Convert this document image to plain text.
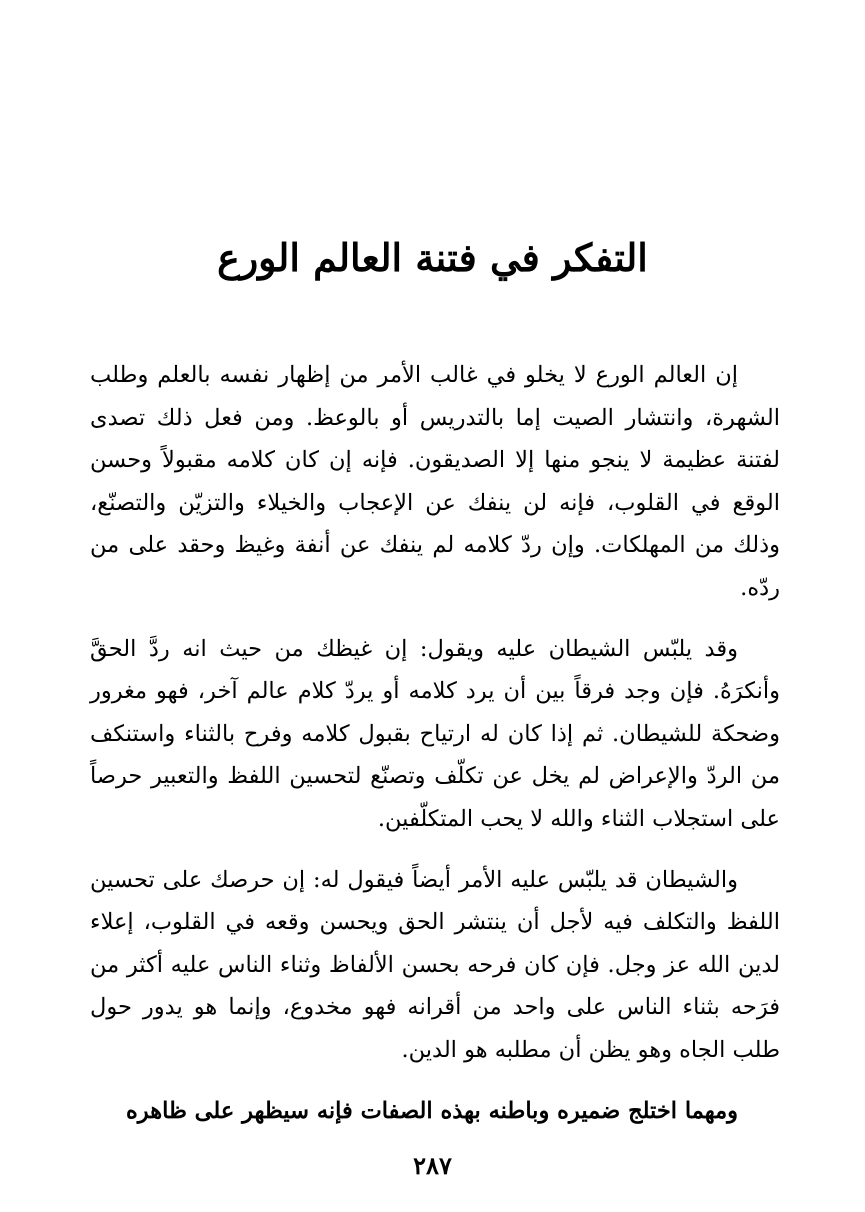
التفكر في فتنة العالم الورع

إن العالم الورع لا يخلو في غالب الأمر من إظهار نفسه بالعلم وطلب الشهرة، وانتشار الصيت إما بالتدريس أو بالوعظ. ومن فعل ذلك تصدى لفتنة عظيمة لا ينجو منها إلا الصديقون. فإنه إن كان كلامه مقبولاً وحسن الوقع في القلوب، فإنه لن ينفك عن الإعجاب والخيلاء والتزيّن والتصنّع، وذلك من المهلكات. وإن ردّ كلامه لم ينفك عن أنفة وغيظ وحقد على من ردّه.

وقد يلبّس الشيطان عليه ويقول: إن غيظك من حيث انه ردَّ الحقَّ وأنكرَهُ. فإن وجد فرقاً بين أن يرد كلامه أو يردّ كلام عالم آخر، فهو مغرور وضحكة للشيطان. ثم إذا كان له ارتياح بقبول كلامه وفرح بالثناء واستنكف من الردّ والإعراض لم يخل عن تكلّف وتصنّع لتحسين اللفظ والتعبير حرصاً على استجلاب الثناء والله لا يحب المتكلّفين.

والشيطان قد يلبّس عليه الأمر أيضاً فيقول له: إن حرصك على تحسين اللفظ والتكلف فيه لأجل أن ينتشر الحق ويحسن وقعه في القلوب، إعلاء لدين الله عز وجل. فإن كان فرحه بحسن الألفاظ وثناء الناس عليه أكثر من فرَحه بثناء الناس على واحد من أقرانه فهو مخدوع، وإنما هو يدور حول طلب الجاه وهو يظن أن مطلبه هو الدين.

ومهما اختلج ضميره وباطنه بهذه الصفات فإنه سيظهر على ظاهره

٢٨٧
